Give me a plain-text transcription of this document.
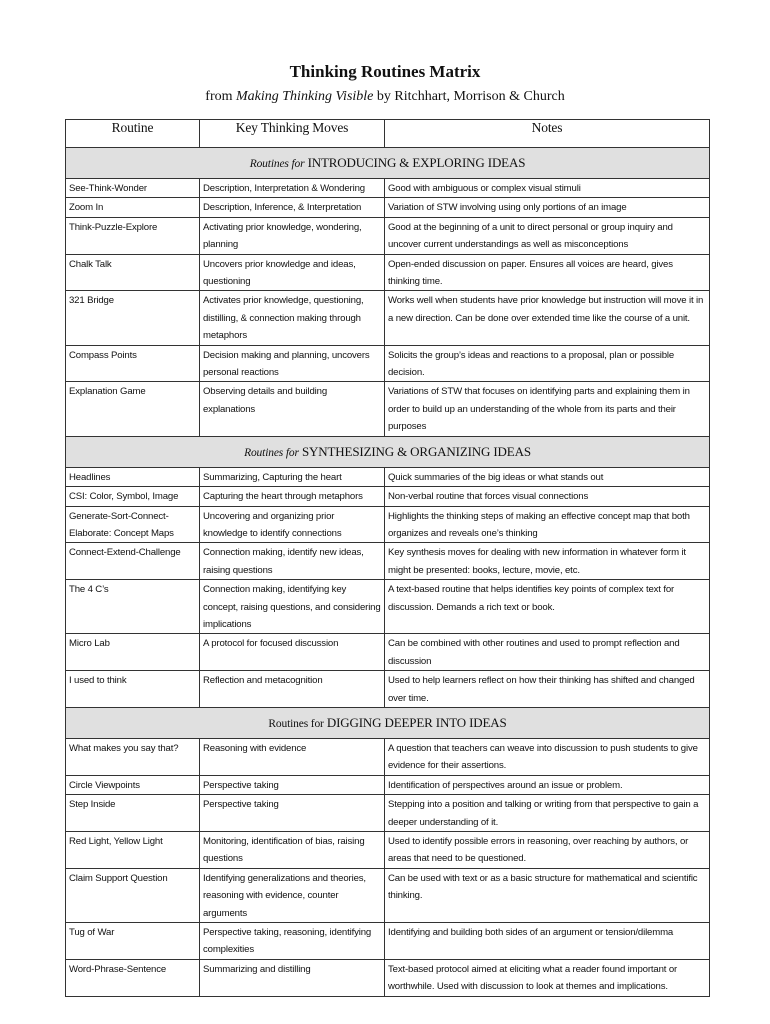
Thinking Routines Matrix
from Making Thinking Visible by Ritchhart, Morrison & Church
Routine	Key Thinking Moves	Notes
Routines for INTRODUCING & EXPLORING IDEAS		
See-Think-Wonder	Description, Interpretation & Wondering	Good with ambiguous or complex visual stimuli
Zoom In	Description, Inference, & Interpretation	Variation of STW involving using only portions of an image
Think-Puzzle-Explore	Activating prior knowledge, wondering, planning	Good at the beginning of a unit to direct personal or group inquiry and uncover current understandings as well as misconceptions
Chalk Talk	Uncovers prior knowledge and ideas, questioning	Open-ended discussion on paper. Ensures all voices are heard, gives thinking time.
321 Bridge	Activates prior knowledge, questioning, distilling, & connection making through metaphors	Works well when students have prior knowledge but instruction will move it in a new direction. Can be done over extended time like the course of a unit.
Compass Points	Decision making and planning, uncovers personal reactions	Solicits the group’s ideas and reactions to a proposal, plan or possible decision.
Explanation Game	Observing details and building explanations	Variations of STW that focuses on identifying parts and explaining them in order to build up an understanding of the whole from its parts and their purposes
Routines for SYNTHESIZING & ORGANIZING IDEAS		
Headlines	Summarizing, Capturing the heart	Quick summaries of the big ideas or what stands out
CSI: Color, Symbol, Image	Capturing the heart through metaphors	Non-verbal routine that forces visual connections
Generate-Sort-Connect-Elaborate: Concept Maps	Uncovering and organizing prior knowledge to identify connections	Highlights the thinking steps of making an effective concept map that both organizes and reveals one’s thinking
Connect-Extend-Challenge	Connection making, identify new ideas, raising questions	Key synthesis moves for dealing with new information in whatever form it might be presented: books, lecture, movie, etc.
The 4 C’s	Connection making, identifying key concept, raising questions, and considering implications	A text-based routine that helps identifies key points of complex text for discussion. Demands a rich text or book.
Micro Lab	A protocol for focused discussion	Can be combined with other routines and used to prompt reflection and discussion
I used to think	Reflection and metacognition	Used to help learners reflect on how their thinking has shifted and changed over time.
Routines for DIGGING DEEPER INTO IDEAS		
What makes you say that?	Reasoning with evidence	A question that teachers can weave into discussion to push students to give evidence for their assertions.
Circle Viewpoints	Perspective taking	Identification of perspectives around an issue or problem.
Step Inside	Perspective taking	Stepping into a position and talking or writing from that perspective to gain a deeper understanding of it.
Red Light, Yellow Light	Monitoring, identification of bias, raising questions	Used to identify possible errors in reasoning, over reaching by authors, or areas that need to be questioned.
Claim Support Question	Identifying generalizations and theories, reasoning with evidence, counter arguments	Can be used with text or as a basic structure for mathematical and scientific thinking.
Tug of War	Perspective taking, reasoning, identifying complexities	Identifying and building both sides of an argument or tension/dilemma
Word-Phrase-Sentence	Summarizing and distilling	Text-based protocol aimed at eliciting what a reader found important or worthwhile. Used with discussion to look at themes and implications.
